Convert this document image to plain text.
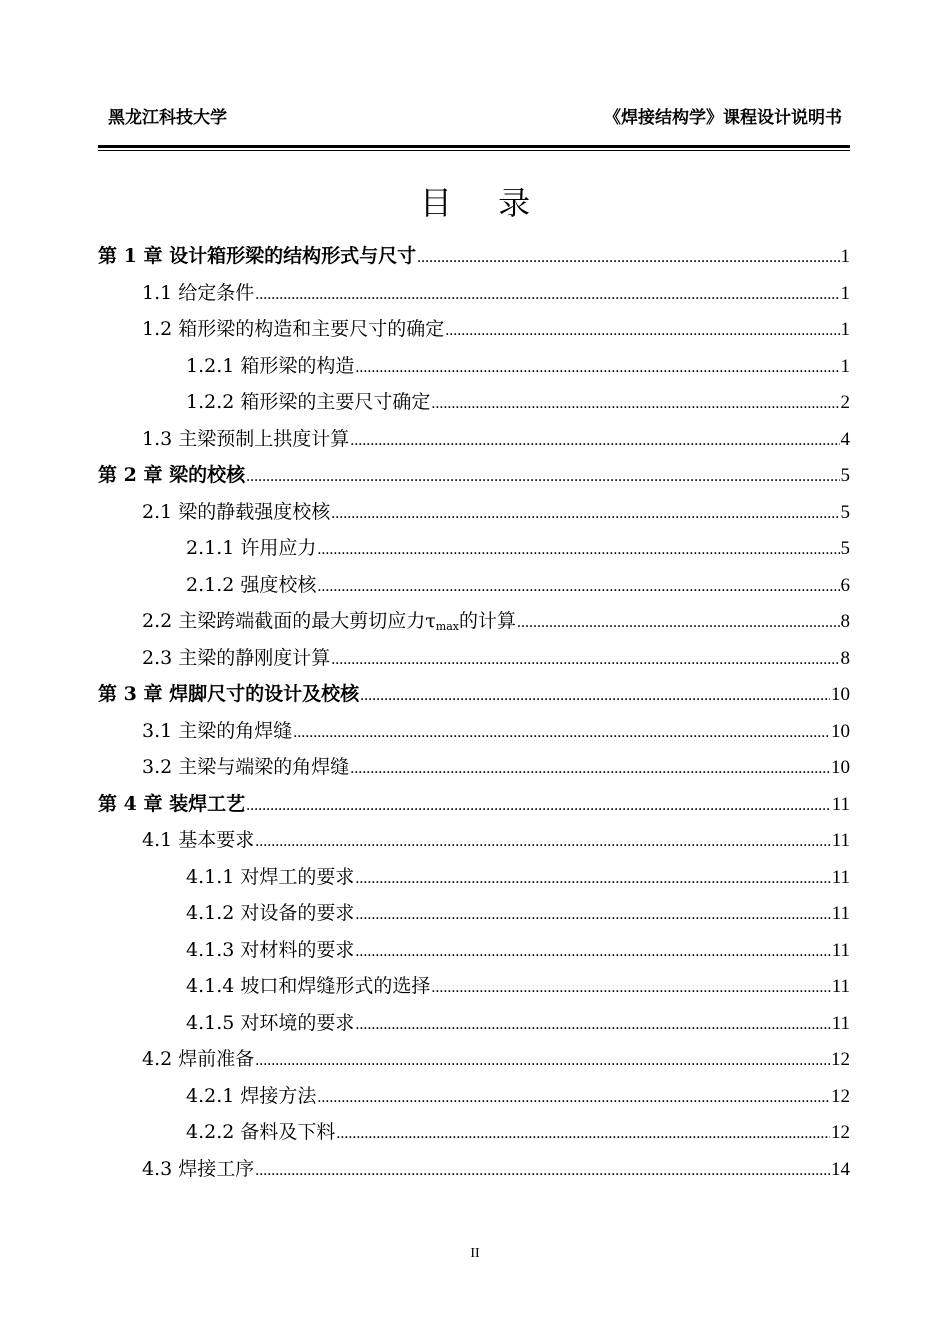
黑龙江科技大学	《焊接结构学》课程设计说明书
目 录
第 1 章 设计箱形梁的结构形式与尺寸 .....	1
1.1 给定条件 .....	1
1.2 箱形梁的构造和主要尺寸的确定 .....	1
1.2.1 箱形梁的构造 .....	1
1.2.2 箱形梁的主要尺寸确定 .....	2
1.3 主梁预制上拱度计算 .....	4
第 2 章 梁的校核 .....	5
2.1 梁的静载强度校核 .....	5
2.1.1 许用应力 .....	5
2.1.2 强度校核 .....	6
2.2 主梁跨端截面的最大剪切应力$\tau_{max}$的计算 .....	8
2.3 主梁的静刚度计算 .....	8
第 3 章 焊脚尺寸的设计及校核 .....	10
3.1 主梁的角焊缝 .....	10
3.2 主梁与端梁的角焊缝 .....	10
第 4 章 装焊工艺 .....	11
4.1 基本要求 .....	11
4.1.1 对焊工的要求 .....	11
4.1.2 对设备的要求 .....	11
4.1.3 对材料的要求 .....	11
4.1.4 坡口和焊缝形式的选择 .....	11
4.1.5 对环境的要求 .....	11
4.2 焊前准备 .....	12
4.2.1 焊接方法 .....	12
4.2.2 备料及下料 .....	12
4.3 焊接工序 .....	14
II
